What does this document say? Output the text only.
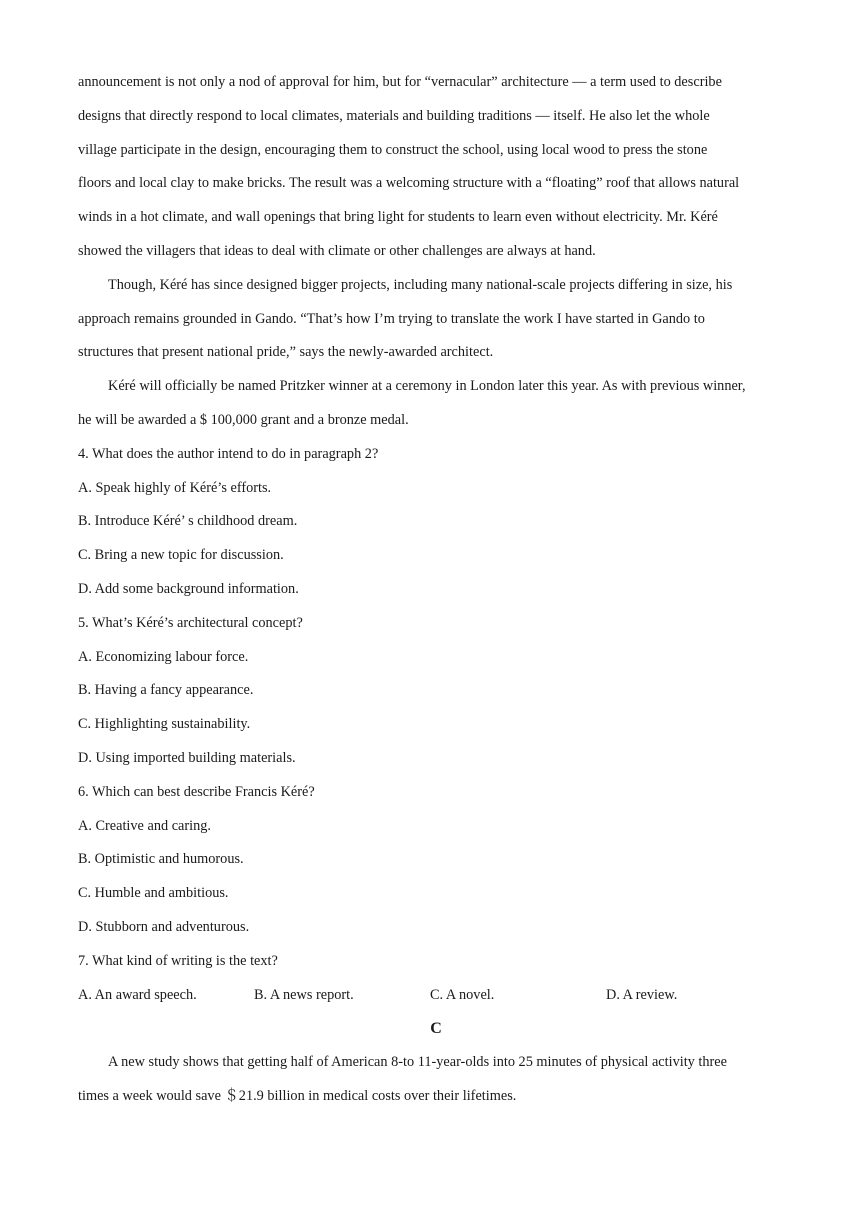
announcement is not only a nod of approval for him, but for “vernacular” architecture — a term used to describe
designs that directly respond to local climates, materials and building traditions — itself. He also let the whole
village participate in the design, encouraging them to construct the school, using local wood to press the stone
floors and local clay to make bricks. The result was a welcoming structure with a “floating” roof that allows natural
winds in a hot climate, and wall openings that bring light for students to learn even without electricity. Mr. Kéré
showed the villagers that ideas to deal with climate or other challenges are always at hand.
Though, Kéré has since designed bigger projects, including many national-scale projects differing in size, his
approach remains grounded in Gando. “That’s how I’m trying to translate the work I have started in Gando to
structures that present national pride,” says the newly-awarded architect.
Kéré will officially be named Pritzker winner at a ceremony in London later this year. As with previous winner,
he will be awarded a $ 100,000 grant and a bronze medal.
4. What does the author intend to do in paragraph 2?
A. Speak highly of Kéré’s efforts.
B. Introduce Kéré’ s childhood dream.
C. Bring a new topic for discussion.
D. Add some background information.
5. What’s Kéré’s architectural concept?
A. Economizing labour force.
B. Having a fancy appearance.
C. Highlighting sustainability.
D. Using imported building materials.
6. Which can best describe Francis Kéré?
A. Creative and caring.
B. Optimistic and humorous.
C. Humble and ambitious.
D. Stubborn and adventurous.
7. What kind of writing is the text?
A. An award speech.	B. A news report.	C. A novel.	D. A review.
C
A new study shows that getting half of American 8-to 11-year-olds into 25 minutes of physical activity three
times a week would save ＄21.9 billion in medical costs over their lifetimes.
